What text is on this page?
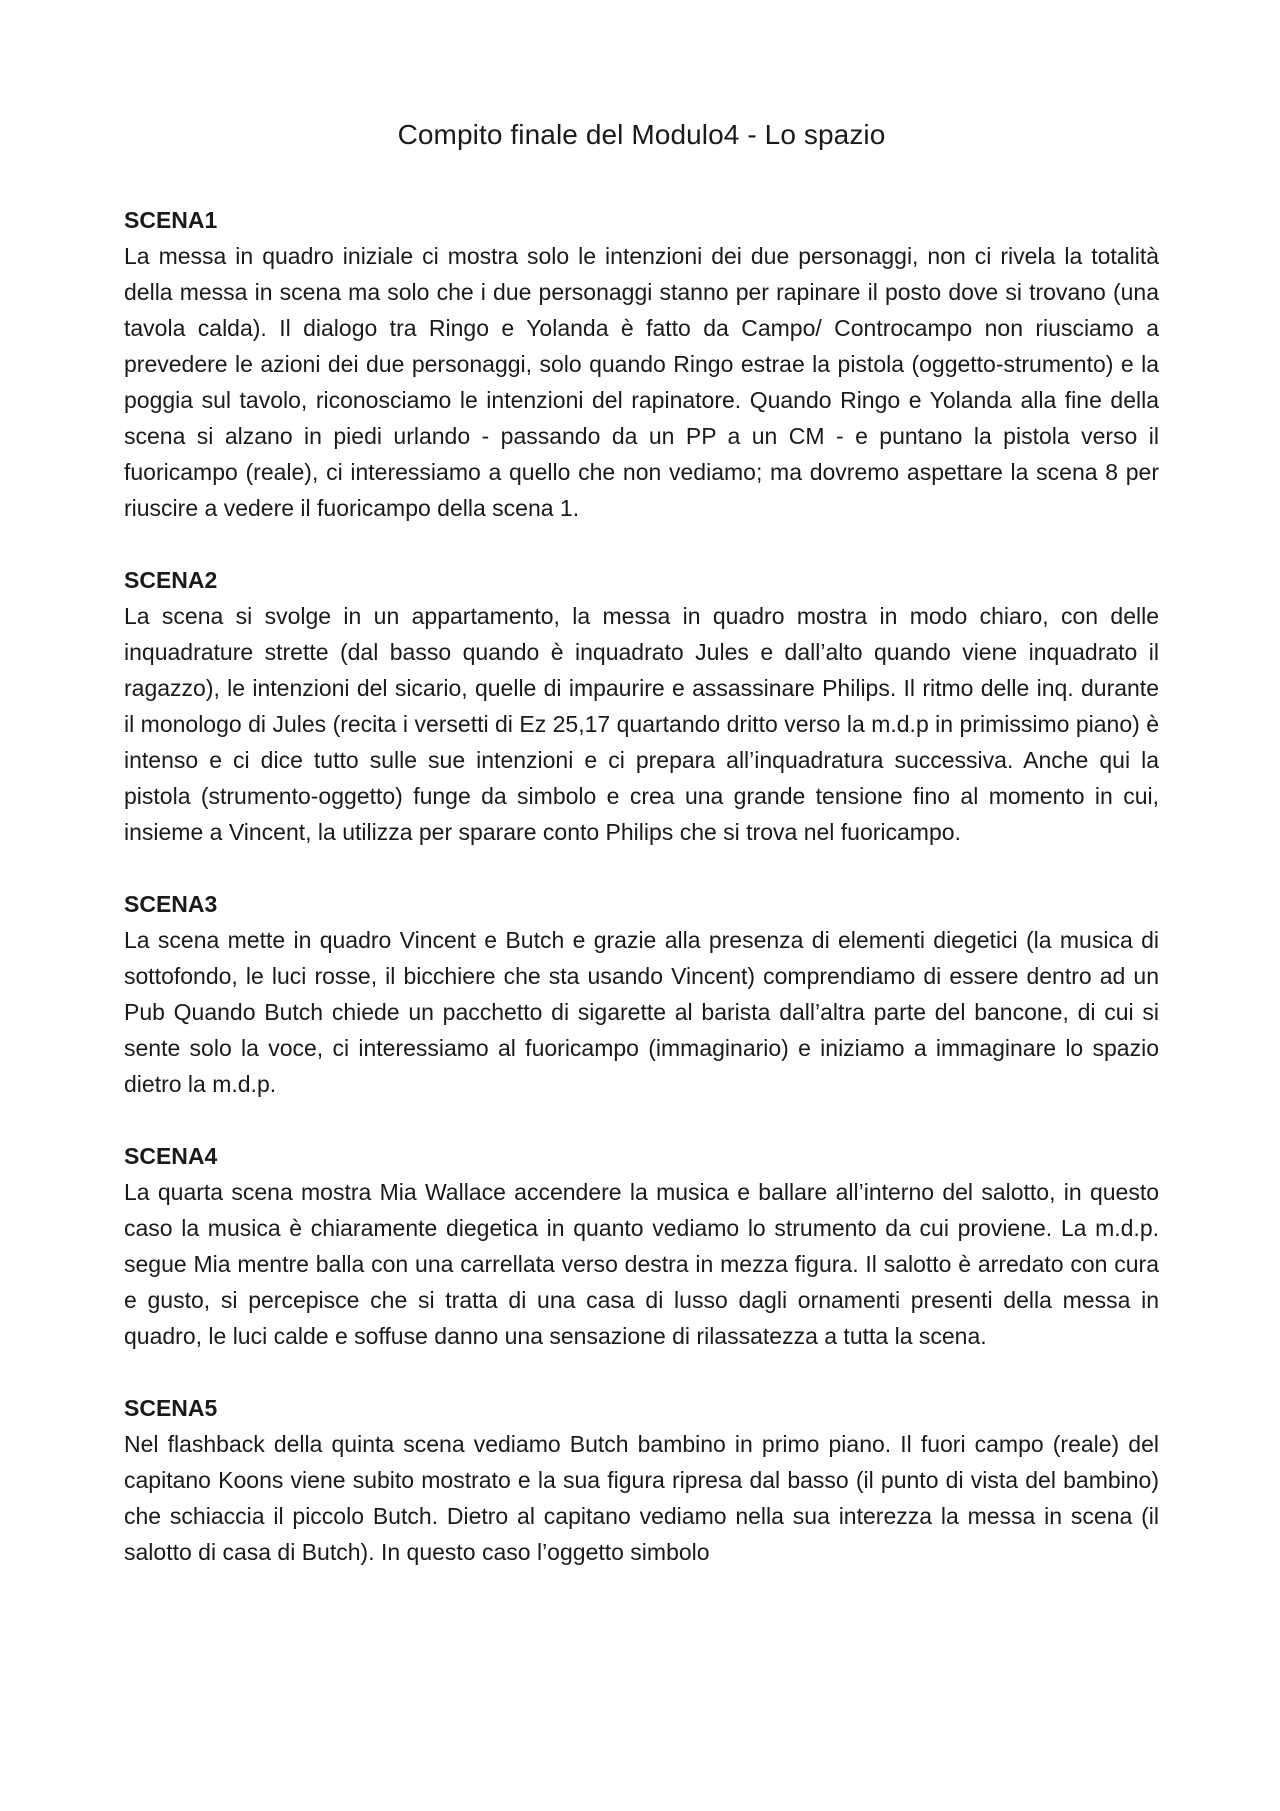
Compito finale del Modulo4 - Lo spazio

SCENA1

La messa in quadro iniziale ci mostra solo le intenzioni dei due personaggi, non ci rivela la totalità della messa in scena ma solo che i due personaggi stanno per rapinare il posto dove si trovano (una tavola calda). Il dialogo tra Ringo e Yolanda è fatto da Campo/ Controcampo non riusciamo a prevedere le azioni dei due personaggi, solo quando Ringo estrae la pistola (oggetto-strumento) e la poggia sul tavolo, riconosciamo le intenzioni del rapinatore. Quando Ringo e Yolanda alla fine della scena si alzano in piedi urlando - passando da un PP a un CM - e puntano la pistola verso il fuoricampo (reale), ci interessiamo a quello che non vediamo; ma dovremo aspettare la scena 8 per riuscire a vedere il fuoricampo della scena 1.

SCENA2

La scena si svolge in un appartamento, la messa in quadro mostra in modo chiaro, con delle inquadrature strette (dal basso quando è inquadrato Jules e dall’alto quando viene inquadrato il ragazzo), le intenzioni del sicario, quelle di impaurire e assassinare Philips. Il ritmo delle inq. durante il monologo di Jules (recita i versetti di Ez 25,17 quartando dritto verso la m.d.p in primissimo piano) è intenso e ci dice tutto sulle sue intenzioni e ci prepara all’inquadratura successiva. Anche qui la pistola (strumento-oggetto) funge da simbolo e crea una grande tensione fino al momento in cui, insieme a Vincent, la utilizza per sparare conto Philips che si trova nel fuoricampo.

SCENA3

La scena mette in quadro Vincent e Butch e grazie alla presenza di elementi diegetici (la musica di sottofondo, le luci rosse, il bicchiere che sta usando Vincent) comprendiamo di essere dentro ad un Pub Quando Butch chiede un pacchetto di sigarette al barista dall’altra parte del bancone, di cui si sente solo la voce, ci interessiamo al fuoricampo (immaginario) e iniziamo a immaginare lo spazio dietro la m.d.p.

SCENA4

La quarta scena mostra Mia Wallace accendere la musica e ballare all’interno del salotto, in questo caso la musica è chiaramente diegetica in quanto vediamo lo strumento da cui proviene. La m.d.p. segue Mia mentre balla con una carrellata verso destra in mezza figura. Il salotto è arredato con cura e gusto, si percepisce che si tratta di una casa di lusso dagli ornamenti presenti della messa in quadro, le luci calde e soffuse danno una sensazione di rilassatezza a tutta la scena.

SCENA5

Nel flashback della quinta scena vediamo Butch bambino in primo piano. Il fuori campo (reale) del capitano Koons viene subito mostrato e la sua figura ripresa dal basso (il punto di vista del bambino) che schiaccia il piccolo Butch. Dietro al capitano vediamo nella sua interezza la messa in scena (il salotto di casa di Butch). In questo caso l’oggetto simbolo
